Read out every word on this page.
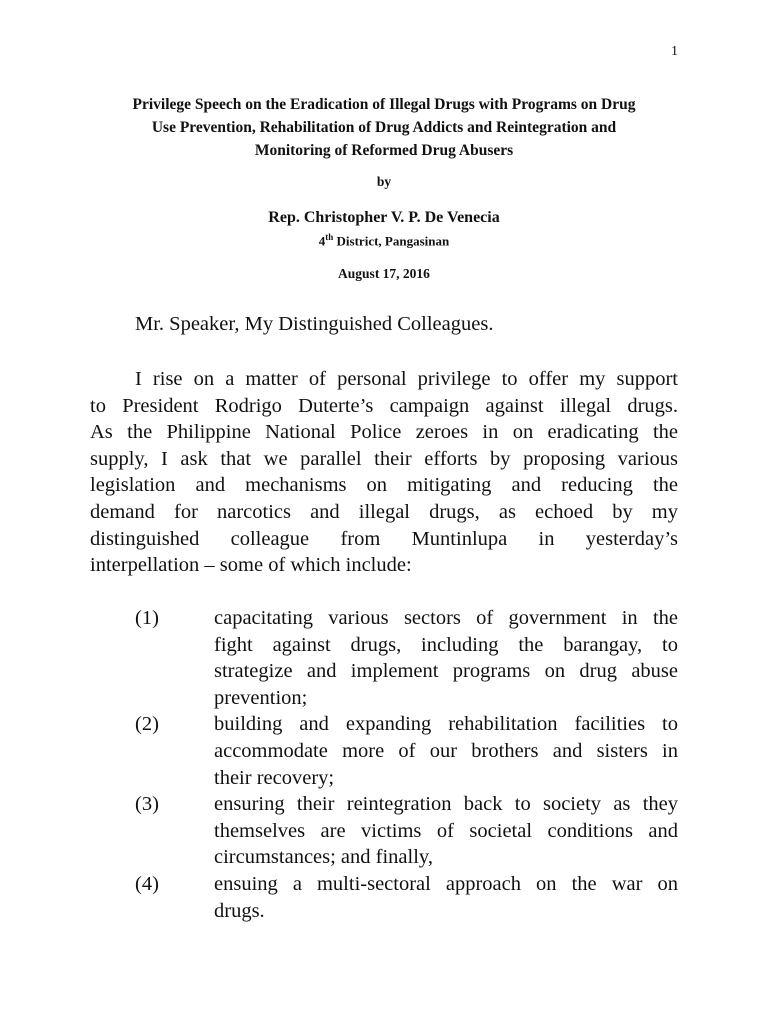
1
Privilege Speech on the Eradication of Illegal Drugs with Programs on Drug
Use Prevention, Rehabilitation of Drug Addicts and Reintegration and
Monitoring of Reformed Drug Abusers
by
Rep. Christopher V. P. De Venecia
4th District, Pangasinan
August 17, 2016
Mr. Speaker, My Distinguished Colleagues.
I rise on a matter of personal privilege to offer my support
to President Rodrigo Duterte’s campaign against illegal drugs.
As the Philippine National Police zeroes in on eradicating the
supply, I ask that we parallel their efforts by proposing various
legislation and mechanisms on mitigating and reducing the
demand for narcotics and illegal drugs, as echoed by my
distinguished colleague from Muntinlupa in yesterday’s
interpellation – some of which include:
(1)	capacitating various sectors of government in the
fight against drugs, including the barangay, to
strategize and implement programs on drug abuse
prevention;
(2)	building and expanding rehabilitation facilities to
accommodate more of our brothers and sisters in
their recovery;
(3)	ensuring their reintegration back to society as they
themselves are victims of societal conditions and
circumstances; and finally,
(4)	ensuing a multi-sectoral approach on the war on
drugs.
